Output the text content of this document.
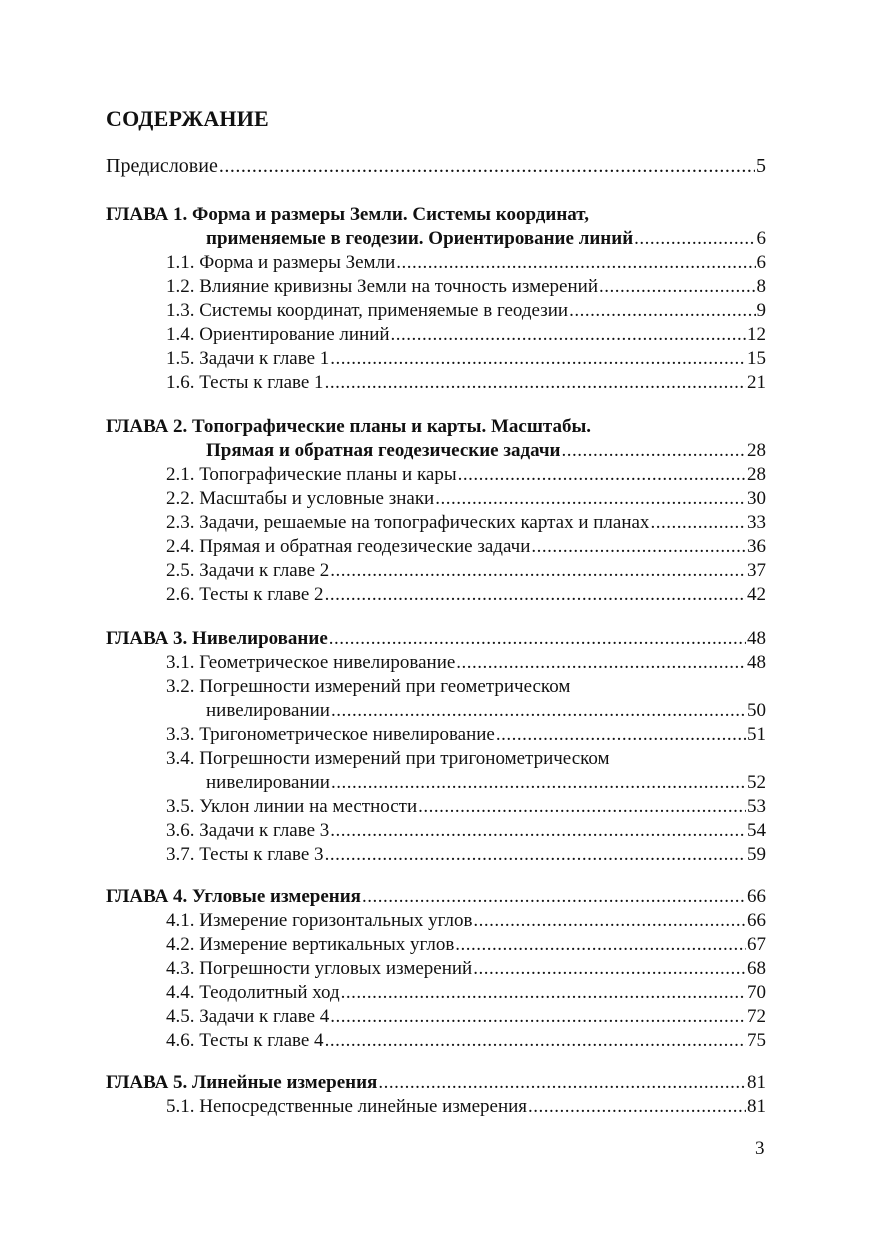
СОДЕРЖАНИЕ
Предисловие .....	5
ГЛАВА 1. Форма и размеры Земли. Системы координат,
применяемые в геодезии. Ориентирование линий .....	6
1.1. Форма и размеры Земли .....	6
1.2. Влияние кривизны Земли на точность измерений .....	8
1.3. Системы координат, применяемые в геодезии .....	9
1.4. Ориентирование линий .....	12
1.5. Задачи к главе 1 .....	15
1.6. Тесты к главе 1 .....	21
ГЛАВА 2. Топографические планы и карты. Масштабы.
Прямая и обратная геодезические задачи .....	28
2.1. Топографические планы и кары .....	28
2.2. Масштабы и условные знаки .....	30
2.3. Задачи, решаемые на топографических картах и планах .....	33
2.4. Прямая и обратная геодезические задачи .....	36
2.5. Задачи к главе 2 .....	37
2.6. Тесты к главе 2 .....	42
ГЛАВА 3. Нивелирование .....	48
3.1. Геометрическое нивелирование .....	48
3.2. Погрешности измерений при геометрическом
нивелировании .....	50
3.3. Тригонометрическое нивелирование .....	51
3.4. Погрешности измерений при тригонометрическом
нивелировании .....	52
3.5. Уклон линии на местности .....	53
3.6. Задачи к главе 3 .....	54
3.7. Тесты к главе 3 .....	59
ГЛАВА 4. Угловые измерения .....	66
4.1. Измерение горизонтальных углов .....	66
4.2. Измерение вертикальных углов .....	67
4.3. Погрешности угловых измерений .....	68
4.4. Теодолитный ход .....	70
4.5. Задачи к главе 4 .....	72
4.6. Тесты к главе 4 .....	75
ГЛАВА 5. Линейные измерения .....	81
5.1. Непосредственные линейные измерения .....	81
3
